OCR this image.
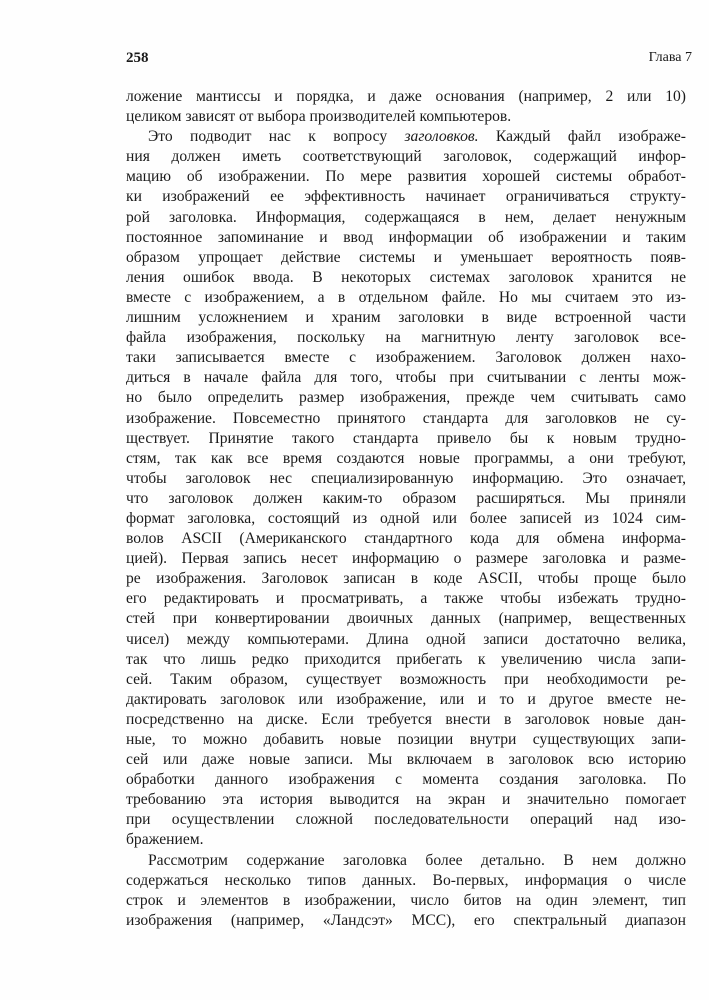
258	Глава 7
ложение мантиссы и порядка, и даже основания (например, 2 или 10)
целиком зависят от выбора производителей компьютеров.
Это подводит нас к вопросу заголовков. Каждый файл изображе-
ния должен иметь соответствующий заголовок, содержащий инфор-
мацию об изображении. По мере развития хорошей системы обработ-
ки изображений ее эффективность начинает ограничиваться структу-
рой заголовка. Информация, содержащаяся в нем, делает ненужным
постоянное запоминание и ввод информации об изображении и таким
образом упрощает действие системы и уменьшает вероятность появ-
ления ошибок ввода. В некоторых системах заголовок хранится не
вместе с изображением, а в отдельном файле. Но мы считаем это из-
лишним усложнением и храним заголовки в виде встроенной части
файла изображения, поскольку на магнитную ленту заголовок все-
таки записывается вместе с изображением. Заголовок должен нахо-
диться в начале файла для того, чтобы при считывании с ленты мож-
но было определить размер изображения, прежде чем считывать само
изображение. Повсеместно принятого стандарта для заголовков не су-
ществует. Принятие такого стандарта привело бы к новым трудно-
стям, так как все время создаются новые программы, а они требуют,
чтобы заголовок нес специализированную информацию. Это означает,
что заголовок должен каким-то образом расширяться. Мы приняли
формат заголовка, состоящий из одной или более записей из 1024 сим-
волов ASCII (Американского стандартного кода для обмена информа-
цией). Первая запись несет информацию о размере заголовка и разме-
ре изображения. Заголовок записан в коде ASCII, чтобы проще было
его редактировать и просматривать, а также чтобы избежать трудно-
стей при конвертировании двоичных данных (например, вещественных
чисел) между компьютерами. Длина одной записи достаточно велика,
так что лишь редко приходится прибегать к увеличению числа запи-
сей. Таким образом, существует возможность при необходимости ре-
дактировать заголовок или изображение, или и то и другое вместе не-
посредственно на диске. Если требуется внести в заголовок новые дан-
ные, то можно добавить новые позиции внутри существующих запи-
сей или даже новые записи. Мы включаем в заголовок всю историю
обработки данного изображения с момента создания заголовка. По
требованию эта история выводится на экран и значительно помогает
при осуществлении сложной последовательности операций над изо-
бражением.
Рассмотрим содержание заголовка более детально. В нем должно
содержаться несколько типов данных. Во-первых, информация о числе
строк и элементов в изображении, число битов на один элемент, тип
изображения (например, «Ландсэт» МСС), его спектральный диапазон
